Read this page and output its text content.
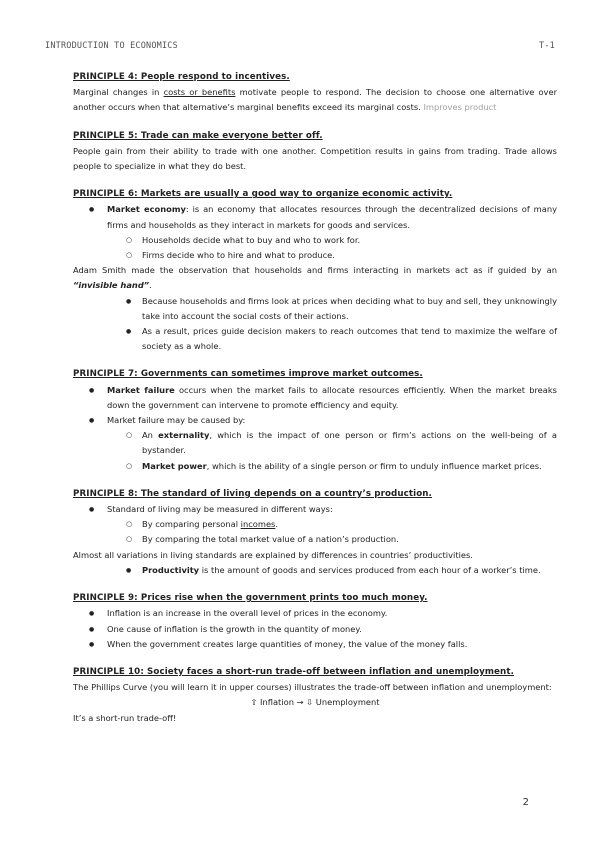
INTRODUCTION TO ECONOMICS	T-1

PRINCIPLE 4: People respond to incentives.

Marginal changes in costs or benefits motivate people to respond. The decision to choose one alternative over another occurs when that alternative’s marginal benefits exceed its marginal costs. Improves product

PRINCIPLE 5: Trade can make everyone better off.

People gain from their ability to trade with one another. Competition results in gains from trading. Trade allows people to specialize in what they do best.

PRINCIPLE 6: Markets are usually a good way to organize economic activity.

● Market economy: is an economy that allocates resources through the decentralized decisions of many firms and households as they interact in markets for goods and services.
○ Households decide what to buy and who to work for.
○ Firms decide who to hire and what to produce.

Adam Smith made the observation that households and firms interacting in markets act as if guided by an “invisible hand”.

● Because households and firms look at prices when deciding what to buy and sell, they unknowingly take into account the social costs of their actions.
● As a result, prices guide decision makers to reach outcomes that tend to maximize the welfare of society as a whole.

PRINCIPLE 7: Governments can sometimes improve market outcomes.

● Market failure occurs when the market fails to allocate resources efficiently. When the market breaks down the government can intervene to promote efficiency and equity.
● Market failure may be caused by:
○ An externality, which is the impact of one person or firm’s actions on the well-being of a bystander.
○ Market power, which is the ability of a single person or firm to unduly influence market prices.

PRINCIPLE 8: The standard of living depends on a country’s production.

● Standard of living may be measured in different ways:
○ By comparing personal incomes.
○ By comparing the total market value of a nation’s production.

Almost all variations in living standards are explained by differences in countries’ productivities.

● Productivity is the amount of goods and services produced from each hour of a worker’s time.

PRINCIPLE 9: Prices rise when the government prints too much money.

● Inflation is an increase in the overall level of prices in the economy.
● One cause of inflation is the growth in the quantity of money.
● When the government creates large quantities of money, the value of the money falls.

PRINCIPLE 10: Society faces a short-run trade-off between inflation and unemployment.

The Phillips Curve (you will learn it in upper courses) illustrates the trade-off between inflation and unemployment:

⇧ Inflation → ⇩ Unemployment

It’s a short-run trade-off!

2
